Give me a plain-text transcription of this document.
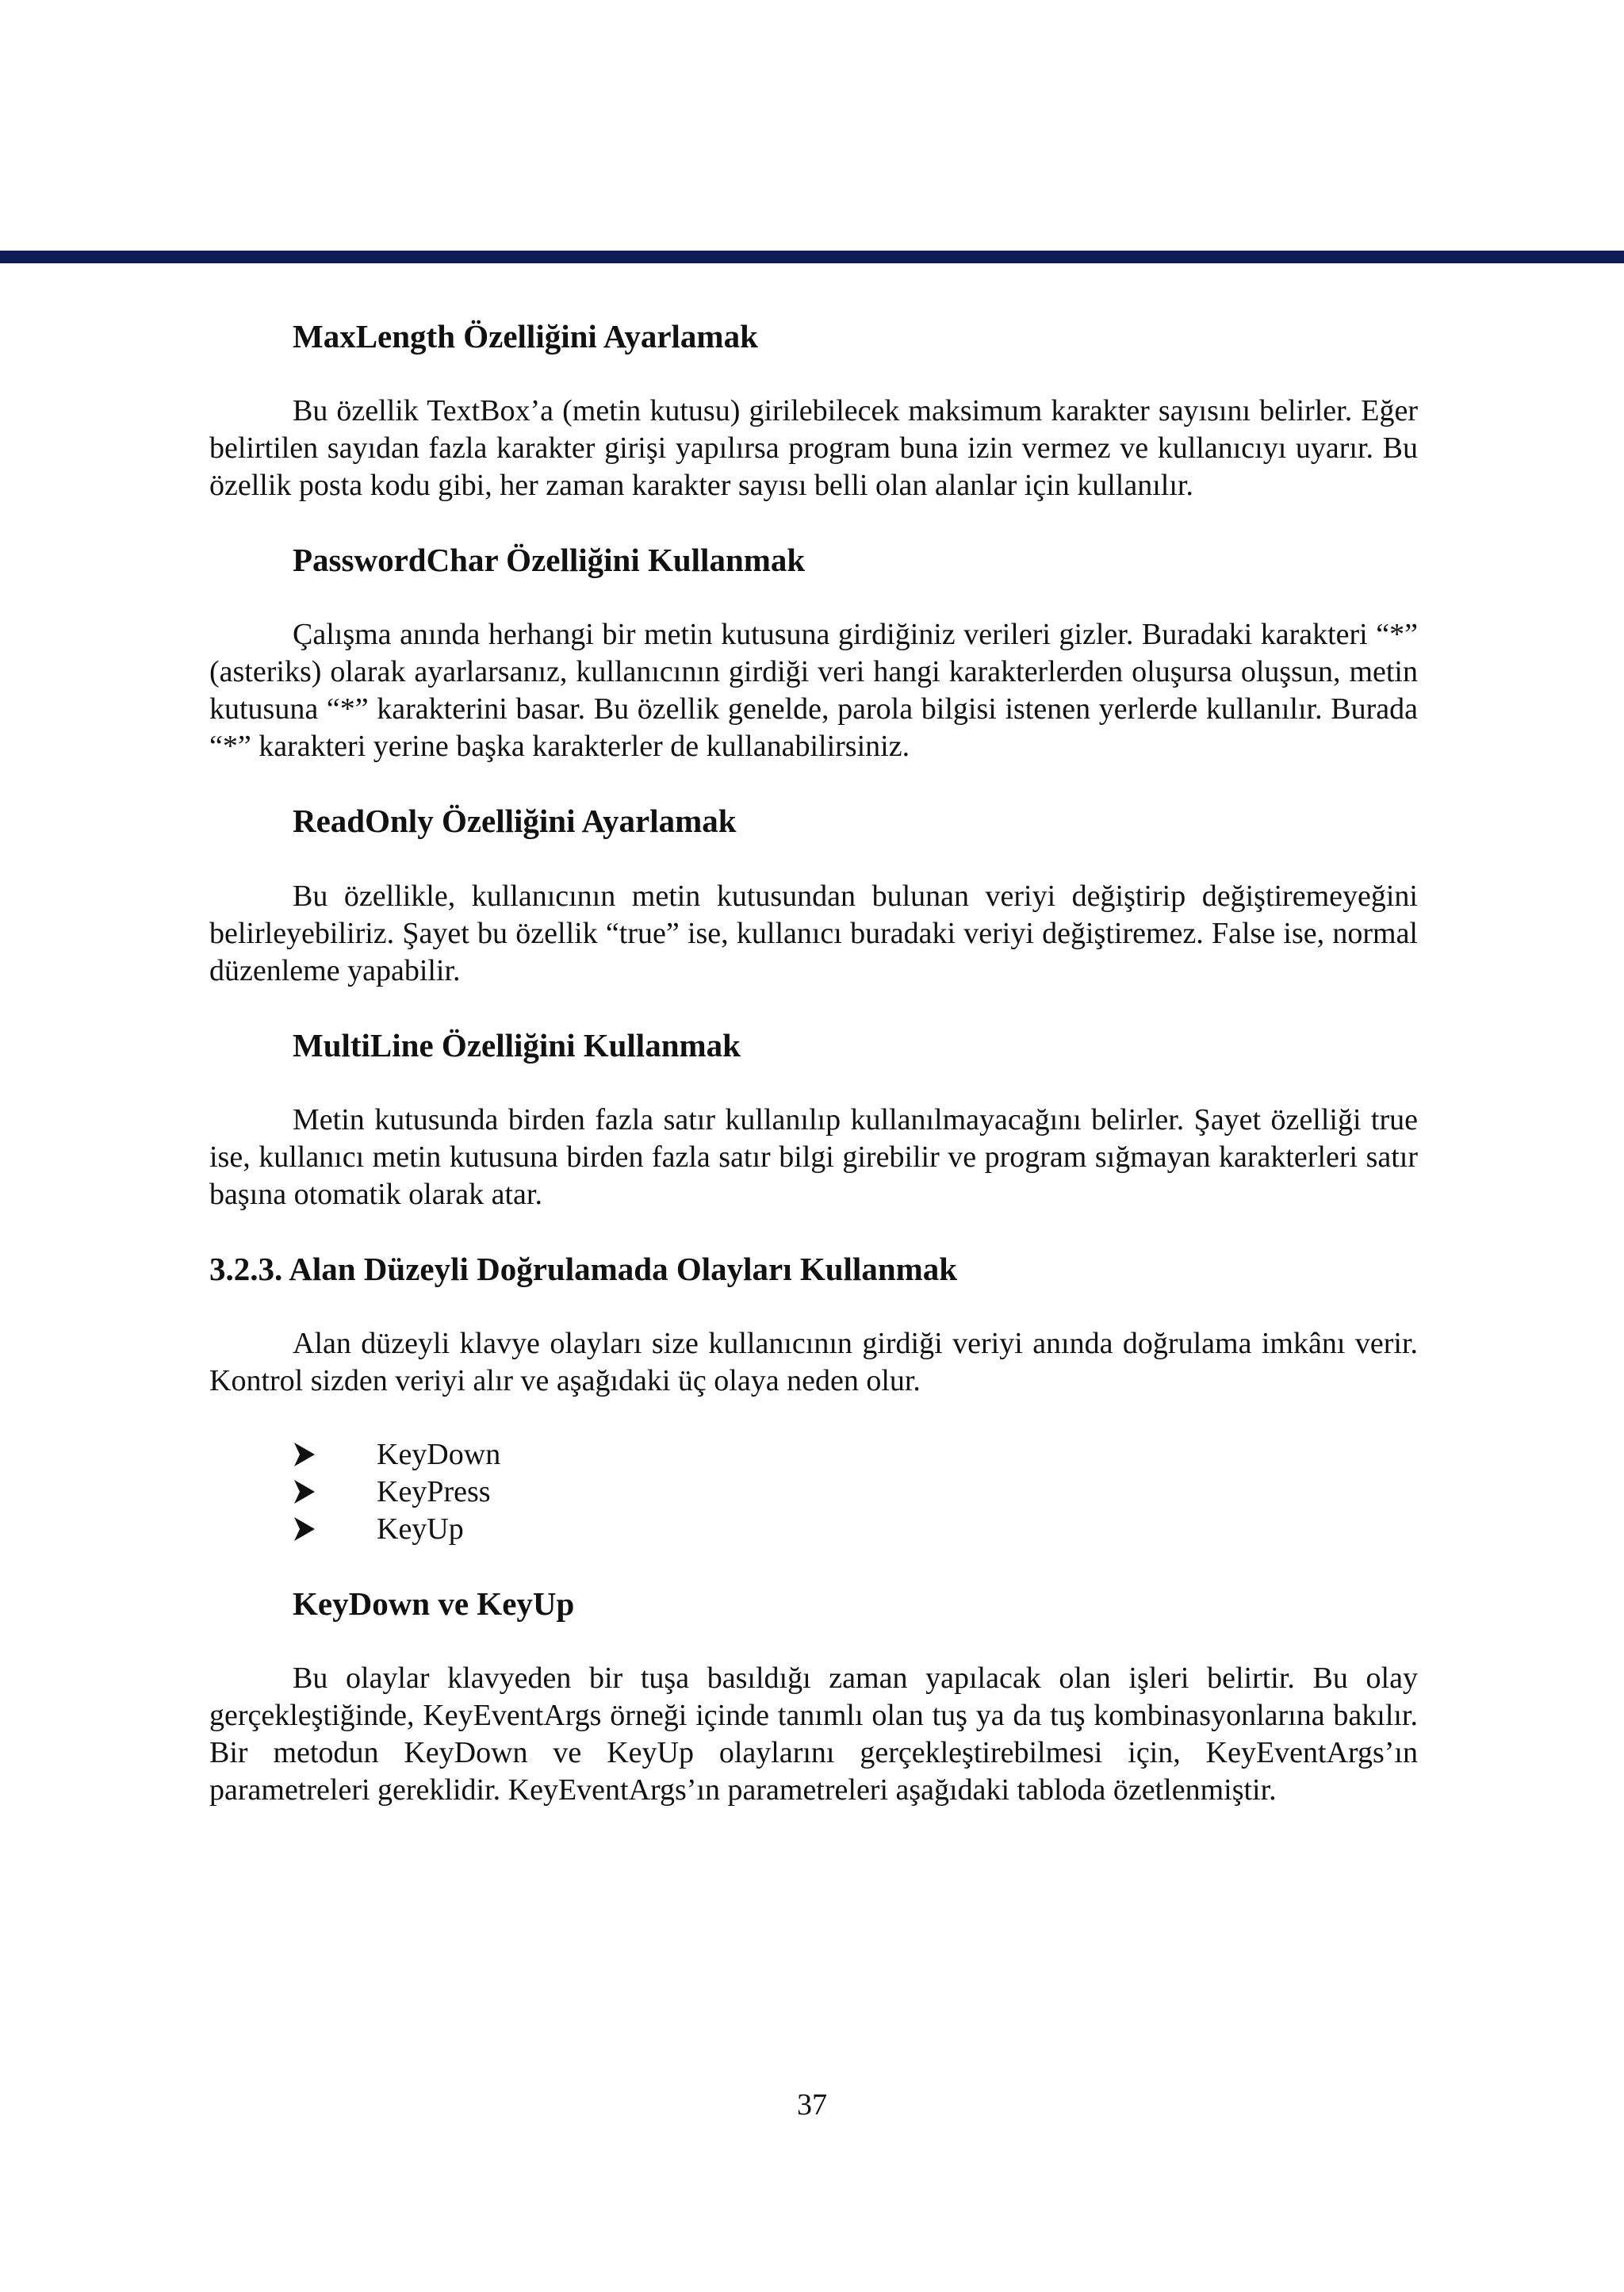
MaxLength Özelliğini Ayarlamak

Bu özellik TextBox’a (metin kutusu) girilebilecek maksimum karakter sayısını belirler. Eğer belirtilen sayıdan fazla karakter girişi yapılırsa program buna izin vermez ve kullanıcıyı uyarır. Bu özellik posta kodu gibi, her zaman karakter sayısı belli olan alanlar için kullanılır.

PasswordChar Özelliğini Kullanmak

Çalışma anında herhangi bir metin kutusuna girdiğiniz verileri gizler. Buradaki karakteri “*” (asteriks) olarak ayarlarsanız, kullanıcının girdiği veri hangi karakterlerden oluşursa oluşsun, metin kutusuna “*” karakterini basar. Bu özellik genelde, parola bilgisi istenen yerlerde kullanılır. Burada “*” karakteri yerine başka karakterler de kullanabilirsiniz.

ReadOnly Özelliğini Ayarlamak

Bu özellikle, kullanıcının metin kutusundan bulunan veriyi değiştirip değiştiremeyeğini belirleyebiliriz. Şayet bu özellik “true” ise, kullanıcı buradaki veriyi değiştiremez. False ise, normal düzenleme yapabilir.

MultiLine Özelliğini Kullanmak

Metin kutusunda birden fazla satır kullanılıp kullanılmayacağını belirler. Şayet özelliği true ise, kullanıcı metin kutusuna birden fazla satır bilgi girebilir ve program sığmayan karakterleri satır başına otomatik olarak atar.

3.2.3. Alan Düzeyli Doğrulamada Olayları Kullanmak

Alan düzeyli klavye olayları size kullanıcının girdiği veriyi anında doğrulama imkânı verir. Kontrol sizden veriyi alır ve aşağıdaki üç olaya neden olur.

KeyDown
KeyPress
KeyUp
KeyDown ve KeyUp

Bu olaylar klavyeden bir tuşa basıldığı zaman yapılacak olan işleri belirtir. Bu olay gerçekleştiğinde, KeyEventArgs örneği içinde tanımlı olan tuş ya da tuş kombinasyonlarına bakılır. Bir metodun KeyDown ve KeyUp olaylarını gerçekleştirebilmesi için, KeyEventArgs’ın parametreleri gereklidir. KeyEventArgs’ın parametreleri aşağıdaki tabloda özetlenmiştir.

37
